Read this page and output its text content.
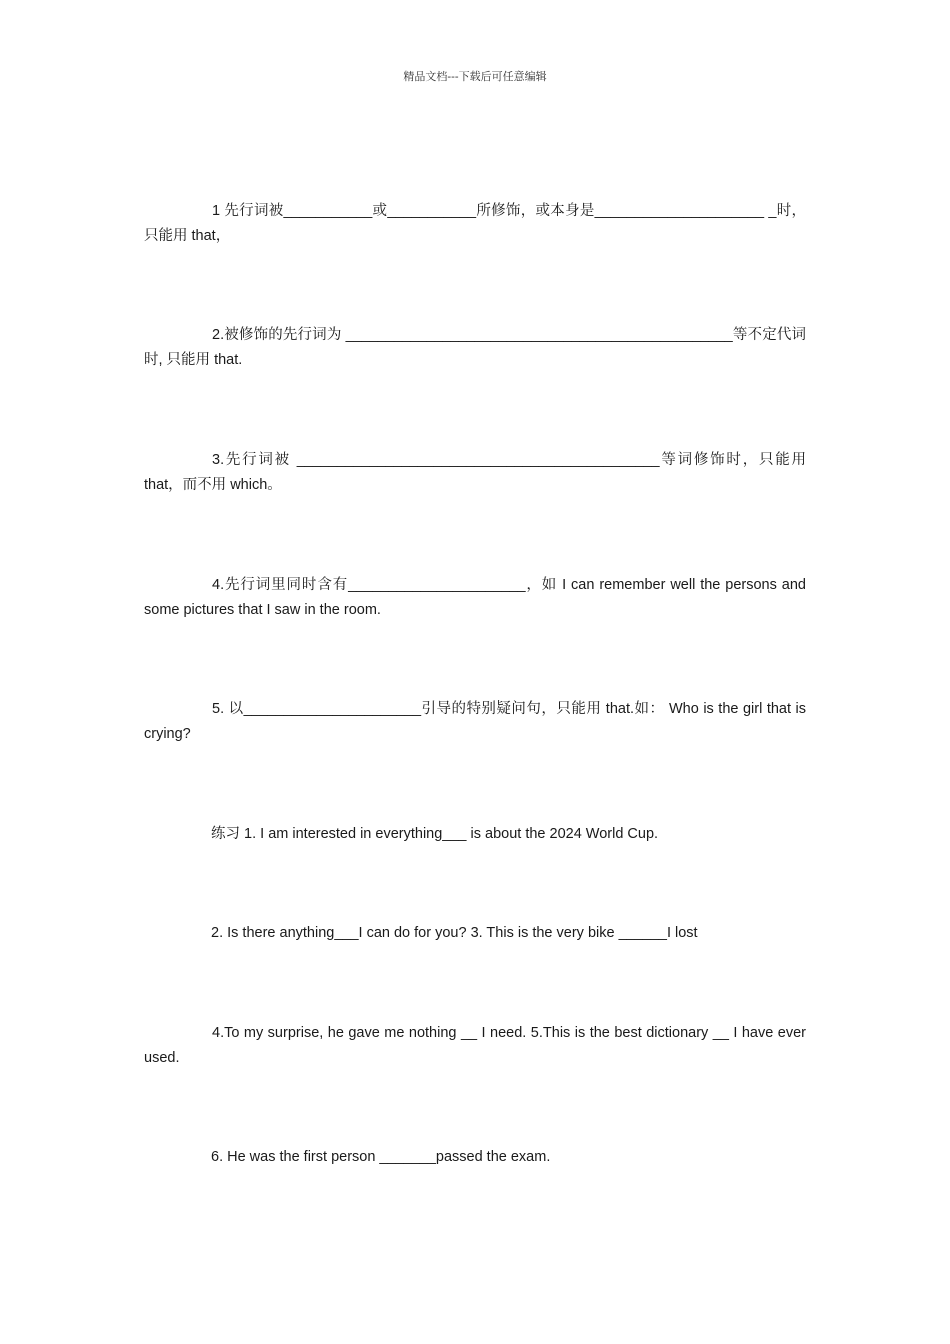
精品文档---下载后可任意编辑

1 先行词被___________或___________所修饰，或本身是_____________________ _时，只能用 that，

2.被修饰的先行词为 ________________________________________________等不定代词时, 只能用 that.

3.先行词被 _____________________________________________等词修饰时，只能用 that，而不用 which。

4.先行词里同时含有______________________，如 I can remember well the persons and some pictures that I saw in the room.

5. 以______________________引导的特别疑问句，只能用 that.如： Who is the girl that is crying?

练习 1. I am interested in everything___ is about the 2024 World Cup.

2. Is there anything___I can do for you? 3. This is the very bike ______I lost

4.To my surprise, he gave me nothing __ I need. 5.This is the best dictionary __ I have ever used.

6. He was the first person _______passed the exam.
